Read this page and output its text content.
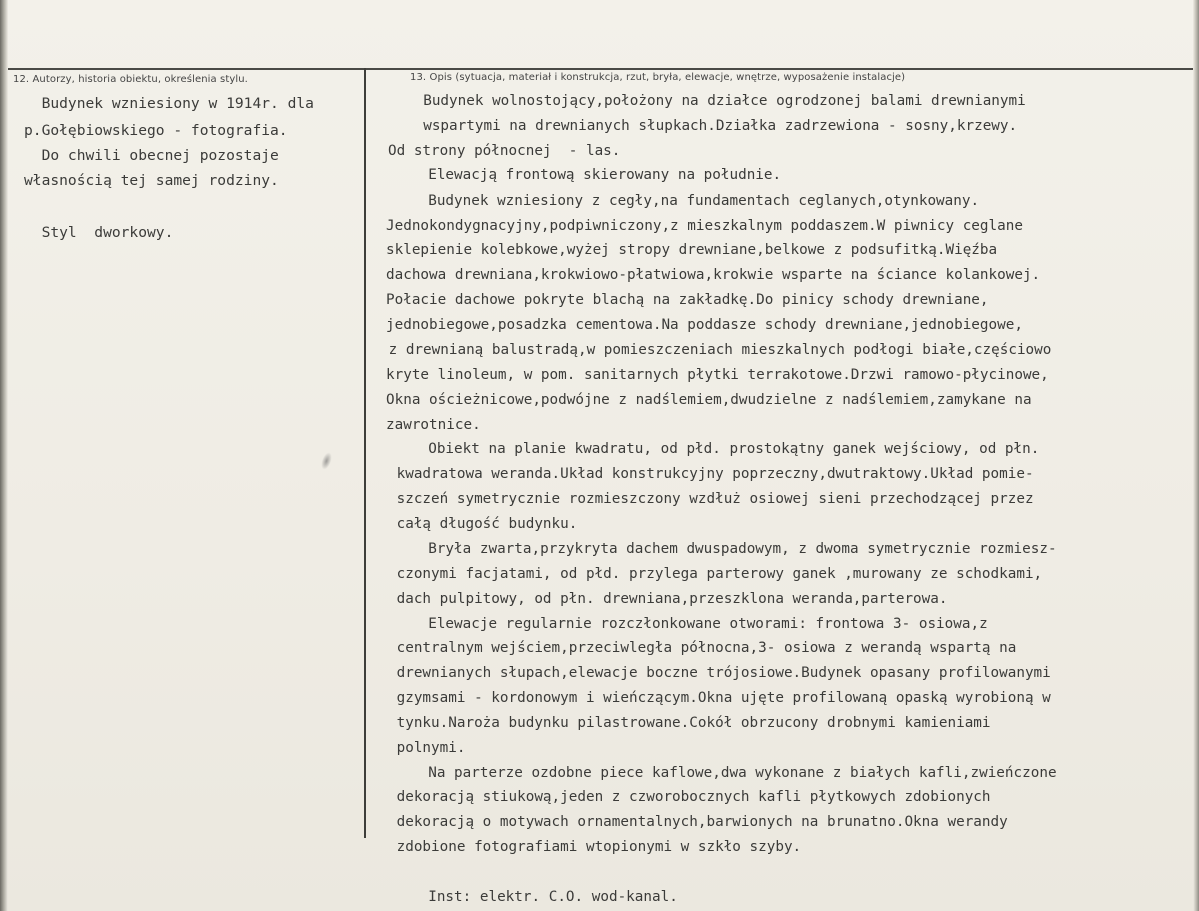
12. Autorzy, historia obiektu, określenia stylu.	13. Opis (sytuacja, materiał i konstrukcja, rzut, bryła, elewacje, wnętrze, wyposażenie instalacje)
Budynek wzniesiony w 1914r. dla
p.Gołębiowskiego - fotografia.
Do chwili obecnej pozostaje
własnością tej samej rodziny.
Styl  dworkowy.
Budynek wolnostojący,położony na działce ogrodzonej balami drewnianymi
wspartymi na drewnianych słupkach.Działka zadrzewiona - sosny,krzewy.
Od strony północnej  - las.
Elewacją frontową skierowany na południe.
Budynek wzniesiony z cegły,na fundamentach ceglanych,otynkowany.
Jednokondygnacyjny,podpiwniczony,z mieszkalnym poddaszem.W piwnicy ceglane
sklepienie kolebkowe,wyżej stropy drewniane,belkowe z podsufitką.Więźba
dachowa drewniana,krokwiowo-płatwiowa,krokwie wsparte na ściance kolankowej.
Połacie dachowe pokryte blachą na zakładkę.Do pinicy schody drewniane,
jednobiegowe,posadzka cementowa.Na poddasze schody drewniane,jednobiegowe,
z drewnianą balustradą,w pomieszczeniach mieszkalnych podłogi białe,częściowo
kryte linoleum, w pom. sanitarnych płytki terrakotowe.Drzwi ramowo-płycinowe,
Okna ościeżnicowe,podwójne z nadślemiem,dwudzielne z nadślemiem,zamykane na
zawrotnice.
Obiekt na planie kwadratu, od płd. prostokątny ganek wejściowy, od płn.
kwadratowa weranda.Układ konstrukcyjny poprzeczny,dwutraktowy.Układ pomie-
szczeń symetrycznie rozmieszczony wzdłuż osiowej sieni przechodzącej przez
całą długość budynku.
Bryła zwarta,przykryta dachem dwuspadowym, z dwoma symetrycznie rozmiesz-
czonymi facjatami, od płd. przylega parterowy ganek ,murowany ze schodkami,
dach pulpitowy, od płn. drewniana,przeszklona weranda,parterowa.
Elewacje regularnie rozczłonkowane otworami: frontowa 3- osiowa,z
centralnym wejściem,przeciwległa północna,3- osiowa z werandą wspartą na
drewnianych słupach,elewacje boczne trójosiowe.Budynek opasany profilowanymi
gzymsami - kordonowym i wieńczącym.Okna ujęte profilowaną opaską wyrobioną w
tynku.Naroża budynku pilastrowane.Cokół obrzucony drobnymi kamieniami
polnymi.
Na parterze ozdobne piece kaflowe,dwa wykonane z białych kafli,zwieńczone
dekoracją stiukową,jeden z czworobocznych kafli płytkowych zdobionych
dekoracją o motywach ornamentalnych,barwionych na brunatno.Okna werandy
zdobione fotografiami wtopionymi w szkło szyby.
Inst: elektr. C.O. wod-kanal.
